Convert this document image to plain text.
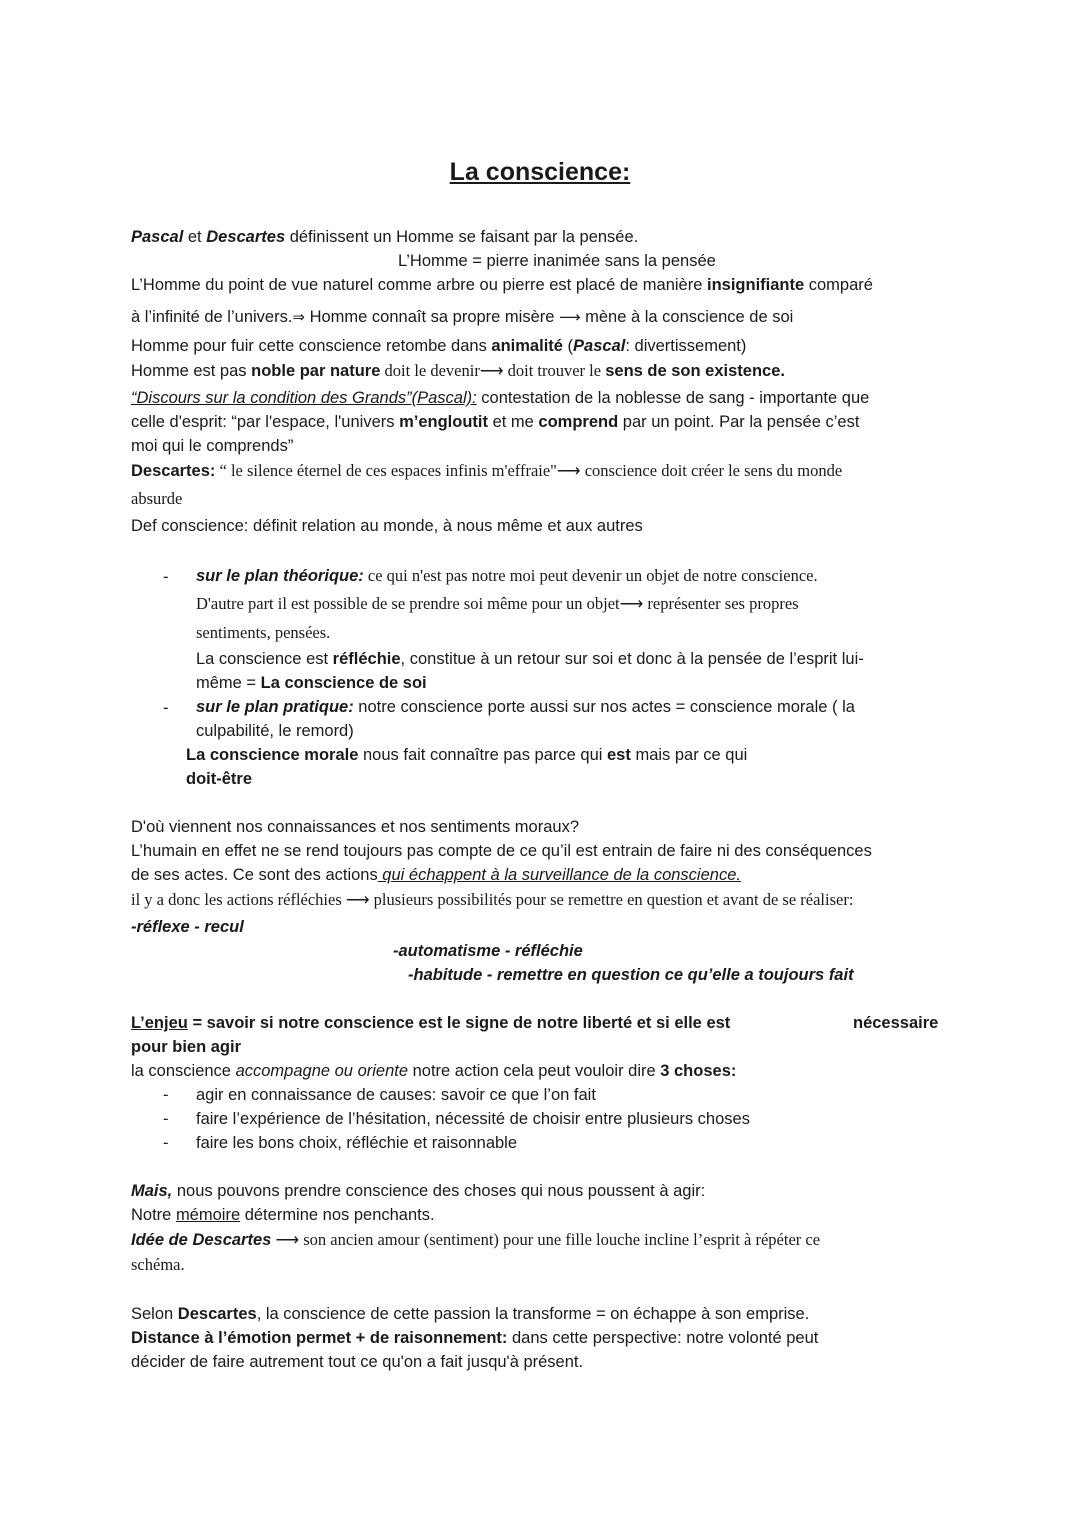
La conscience:
Pascal et Descartes définissent un Homme se faisant par la pensée.
L’Homme = pierre inanimée sans la pensée
L’Homme du point de vue naturel comme arbre ou pierre est placé de manière insignifiante comparé
à l’infinité de l’univers.⇒ Homme connaît sa propre misère ⟶ mène à la conscience de soi
Homme pour fuir cette conscience retombe dans animalité (Pascal: divertissement)
Homme est pas noble par nature doit le devenir⟶ doit trouver le sens de son existence.
“Discours sur la condition des Grands”(Pascal): contestation de la noblesse de sang - importante que
celle d'esprit: “par l'espace, l'univers m’engloutit et me comprend par un point. Par la pensée c’est
moi qui le comprends”
Descartes: “ le silence éternel de ces espaces infinis m'effraie"⟶ conscience doit créer le sens du monde
absurde
Def conscience: définit relation au monde, à nous même et aux autres
- sur le plan théorique: ce qui n'est pas notre moi peut devenir un objet de notre conscience.
D'autre part il est possible de se prendre soi même pour un objet⟶ représenter ses propres
sentiments, pensées.
La conscience est réfléchie, constitue à un retour sur soi et donc à la pensée de l’esprit lui-
même = La conscience de soi
- sur le plan pratique: notre conscience porte aussi sur nos actes = conscience morale ( la
culpabilité, le remord)
La conscience morale nous fait connaître pas parce qui est mais par ce qui
doit-être
D'où viennent nos connaissances et nos sentiments moraux?
L’humain en effet ne se rend toujours pas compte de ce qu’il est entrain de faire ni des conséquences
de ses actes. Ce sont des actions qui échappent à la surveillance de la conscience.
il y a donc les actions réfléchies ⟶ plusieurs possibilités pour se remettre en question et avant de se réaliser:
-réflexe - recul
-automatisme - réfléchie
-habitude - remettre en question ce qu’elle a toujours fait
L’enjeu = savoir si notre conscience est le signe de notre liberté et si elle est	nécessaire
pour bien agir
la conscience accompagne ou oriente notre action cela peut vouloir dire 3 choses:
- agir en connaissance de causes: savoir ce que l’on fait
- faire l’expérience de l’hésitation, nécessité de choisir entre plusieurs choses
- faire les bons choix, réfléchie et raisonnable
Mais, nous pouvons prendre conscience des choses qui nous poussent à agir:
Notre mémoire détermine nos penchants.
Idée de Descartes ⟶ son ancien amour (sentiment) pour une fille louche incline l’esprit à répéter ce
schéma.
Selon Descartes, la conscience de cette passion la transforme = on échappe à son emprise.
Distance à l’émotion permet + de raisonnement: dans cette perspective: notre volonté peut
décider de faire autrement tout ce qu'on a fait jusqu'à présent.
